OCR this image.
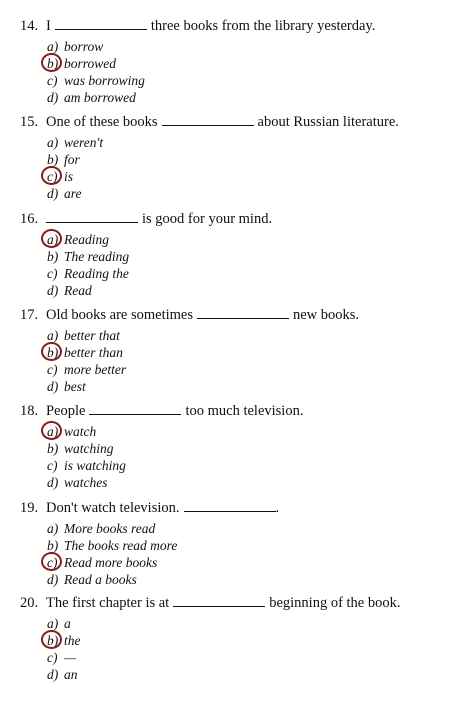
14. I	three books from the library yesterday.
a) borrow
b) borrowed
c) was borrowing
d) am borrowed
15. One of these books	about Russian literature.
a) weren't
b) for
c) is
d) are
16.	is good for your mind.
a) Reading
b) The reading
c) Reading the
d) Read
17. Old books are sometimes	new books.
a) better that
b) better than
c) more better
d) best
18. People	too much television.
a) watch
b) watching
c) is watching
d) watches
19. Don't watch television.	.
a) More books read
b) The books read more
c) Read more books
d) Read a books
20. The first chapter is at	beginning of the book.
a) a
b) the
c) —
d) an
